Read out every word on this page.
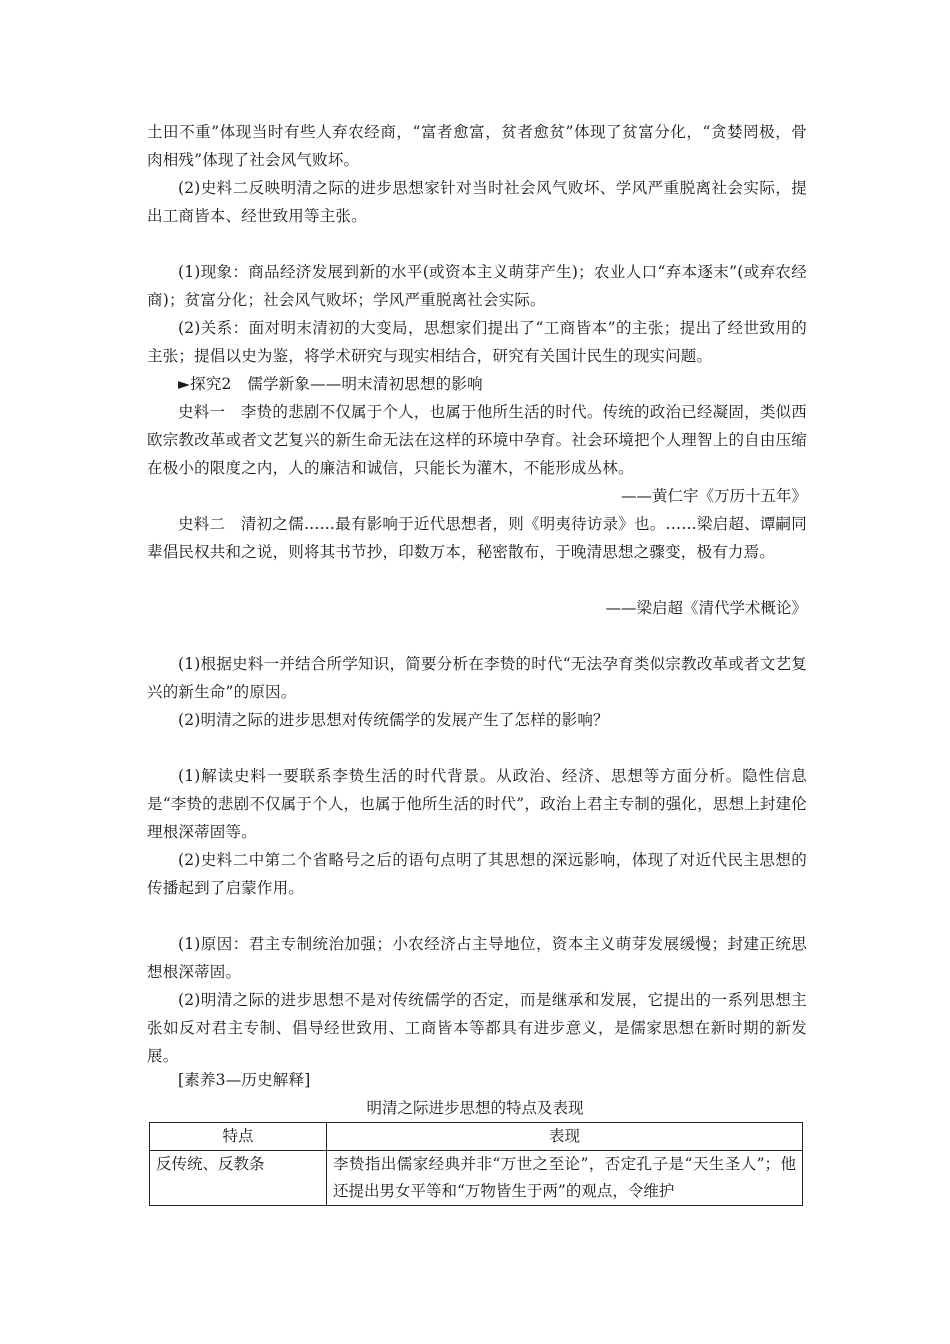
土田不重”体现当时有些人弃农经商，“富者愈富，贫者愈贫”体现了贫富分化，“贪婪罔极，骨肉相残”体现了社会风气败坏。

(2)史料二反映明清之际的进步思想家针对当时社会风气败坏、学风严重脱离社会实际，提出工商皆本、经世致用等主张。

(1)现象：商品经济发展到新的水平(或资本主义萌芽产生)；农业人口“弃本逐末”(或弃农经商)；贫富分化；社会风气败坏；学风严重脱离社会实际。

(2)关系：面对明末清初的大变局，思想家们提出了“工商皆本”的主张；提出了经世致用的主张；提倡以史为鉴，将学术研究与现实相结合，研究有关国计民生的现实问题。

►探究2　儒学新象——明末清初思想的影响

史料一　李贽的悲剧不仅属于个人，也属于他所生活的时代。传统的政治已经凝固，类似西欧宗教改革或者文艺复兴的新生命无法在这样的环境中孕育。社会环境把个人理智上的自由压缩在极小的限度之内，人的廉洁和诚信，只能长为灌木，不能形成丛林。

——黄仁宇《万历十五年》

史料二　清初之儒……最有影响于近代思想者，则《明夷待访录》也。……梁启超、谭嗣同辈倡民权共和之说，则将其书节抄，印数万本，秘密散布，于晚清思想之骤变，极有力焉。

——梁启超《清代学术概论》

(1)根据史料一并结合所学知识，简要分析在李贽的时代“无法孕育类似宗教改革或者文艺复兴的新生命”的原因。

(2)明清之际的进步思想对传统儒学的发展产生了怎样的影响？

(1)解读史料一要联系李贽生活的时代背景。从政治、经济、思想等方面分析。隐性信息是“李贽的悲剧不仅属于个人，也属于他所生活的时代”，政治上君主专制的强化，思想上封建伦理根深蒂固等。

(2)史料二中第二个省略号之后的语句点明了其思想的深远影响，体现了对近代民主思想的传播起到了启蒙作用。

(1)原因：君主专制统治加强；小农经济占主导地位，资本主义萌芽发展缓慢；封建正统思想根深蒂固。

(2)明清之际的进步思想不是对传统儒学的否定，而是继承和发展，它提出的一系列思想主张如反对君主专制、倡导经世致用、工商皆本等都具有进步意义，是儒家思想在新时期的新发展。

[素养3—历史解释]

明清之际进步思想的特点及表现

特点	表现
反传统、反教条	李贽指出儒家经典并非“万世之至论”，否定孔子是“天生圣人”；他还提出男女平等和“万物皆生于两”的观点，令维护
